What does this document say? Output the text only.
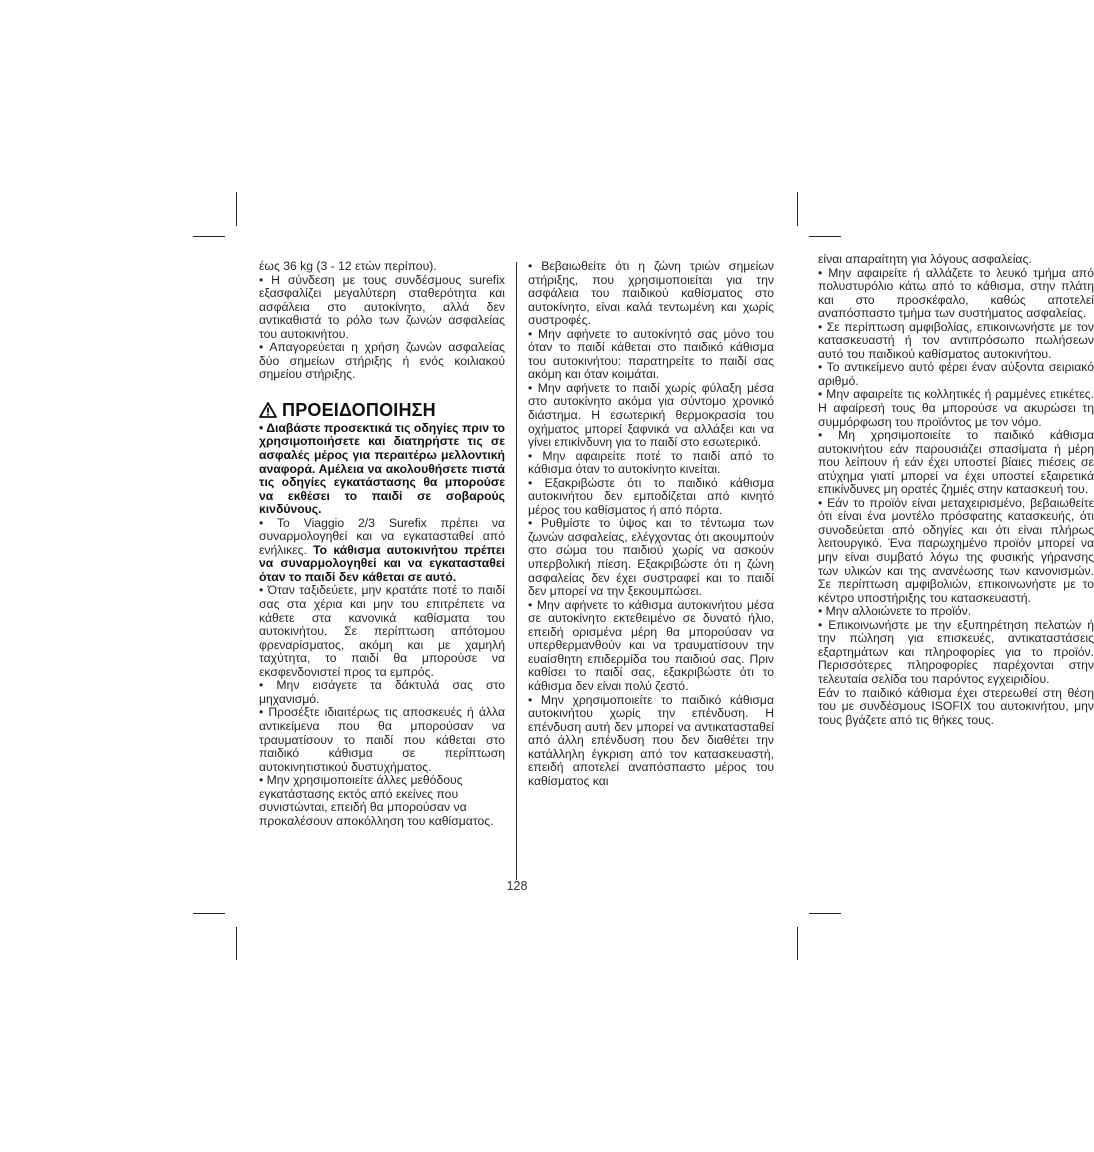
έως 36 kg (3 - 12 ετών περίπου).

• Η σύνδεση με τους συνδέσμους surefix εξασφαλίζει μεγαλύτερη σταθερότητα και ασφάλεια στο αυτοκίνητο, αλλά δεν αντικαθιστά το ρόλο των ζωνών ασφαλείας του αυτοκινήτου.

• Απαγορεύεται η χρήση ζωνών ασφαλείας δύο σημείων στήριξης ή ενός κοιλιακού σημείου στήριξης.

ΠΡΟΕΙΔΟΠΟΙΗΣΗ

• Διαβάστε προσεκτικά τις οδηγίες πριν το χρησιμοποιήσετε και διατηρήστε τις σε ασφαλές μέρος για περαιτέρω μελλοντική αναφορά. Αμέλεια να ακολουθήσετε πιστά τις οδηγίες εγκατάστασης θα μπορούσε να εκθέσει το παιδί σε σοβαρούς κινδύνους.

• Το Viaggio 2/3 Surefix πρέπει να συναρμολογηθεί και να εγκατασταθεί από ενήλικες. Το κάθισμα αυτοκινήτου πρέπει να συναρμολογηθεί και να εγκατασταθεί όταν το παιδί δεν κάθεται σε αυτό.

• Όταν ταξιδεύετε, μην κρατάτε ποτέ το παιδί σας στα χέρια και μην του επιτρέπετε να κάθετε στα κανονικά καθίσματα του αυτοκινήτου. Σε περίπτωση απότομου φρεναρίσματος, ακόμη και με χαμηλή ταχύτητα, το παιδί θα μπορούσε να εκσφενδονιστεί προς τα εμπρός.

• Μην εισάγετε τα δάκτυλά σας στο μηχανισμό.

• Προσέξτε ιδιαιτέρως τις αποσκευές ή άλλα αντικείμενα που θα μπορούσαν να τραυματίσουν το παιδί που κάθεται στο παιδικό κάθισμα σε περίπτωση αυτοκινητιστικού δυστυχήματος.

• Μην χρησιμοποιείτε άλλες μεθόδους εγκατάστασης εκτός από εκείνες που συνιστώνται, επειδή θα μπορούσαν να προκαλέσουν αποκόλληση του καθίσματος.

• Βεβαιωθείτε ότι η ζώνη τριών σημείων στήριξης, που χρησιμοποιείται για την ασφάλεια του παιδικού καθίσματος στο αυτοκίνητο, είναι καλά τεντωμένη και χωρίς συστροφές.

• Μην αφήνετε το αυτοκίνητό σας μόνο του όταν το παιδί κάθεται στο παιδικό κάθισμα του αυτοκινήτου: παρατηρείτε το παιδί σας ακόμη και όταν κοιμάται.

• Μην αφήνετε το παιδί χωρίς φύλαξη μέσα στο αυτοκίνητο ακόμα για σύντομο χρονικό διάστημα. Η εσωτερική θερμοκρασία του οχήματος μπορεί ξαφνικά να αλλάξει και να γίνει επικίνδυνη για το παιδί στο εσωτερικό.

• Μην αφαιρείτε ποτέ το παιδί από το κάθισμα όταν το αυτοκίνητο κινείται.

• Εξακριβώστε ότι το παιδικό κάθισμα αυτοκινήτου δεν εμποδίζεται από κινητό μέρος του καθίσματος ή από πόρτα.

• Ρυθμίστε το ύψος και το τέντωμα των ζωνών ασφαλείας, ελέγχοντας ότι ακουμπούν στο σώμα του παιδιού χωρίς να ασκούν υπερβολική πίεση. Εξακριβώστε ότι η ζώνη ασφαλείας δεν έχει συστραφεί και το παιδί δεν μπορεί να την ξεκουμπώσει.

• Μην αφήνετε το κάθισμα αυτοκινήτου μέσα σε αυτοκίνητο εκτεθειμένο σε δυνατό ήλιο, επειδή ορισμένα μέρη θα μπορούσαν να υπερθερμανθούν και να τραυματίσουν την ευαίσθητη επιδερμίδα του παιδιού σας. Πριν καθίσει το παιδί σας, εξακριβώστε ότι το κάθισμα δεν είναι πολύ ζεστό.

• Μην χρησιμοποιείτε το παιδικό κάθισμα αυτοκινήτου χωρίς την επένδυση. Η επένδυση αυτή δεν μπορεί να αντικατασταθεί από άλλη επένδυση που δεν διαθέτει την κατάλληλη έγκριση από τον κατασκευαστή, επειδή αποτελεί αναπόσπαστο μέρος του καθίσματος και

είναι απαραίτητη για λόγους ασφαλείας.

• Μην αφαιρείτε ή αλλάζετε το λευκό τμήμα από πολυστυρόλιο κάτω από το κάθισμα, στην πλάτη και στο προσκέφαλο, καθώς αποτελεί αναπόσπαστο τμήμα των συστήματος ασφαλείας.

• Σε περίπτωση αμφιβολίας, επικοινωνήστε με τον κατασκευαστή ή τον αντιπρόσωπο πωλήσεων αυτό του παιδικού καθίσματος αυτοκινήτου.

• Το αντικείμενο αυτό φέρει έναν αύξοντα σειριακό αριθμό.

• Μην αφαιρείτε τις κολλητικές ή ραμμένες ετικέτες. Η αφαίρεσή τους θα μπορούσε να ακυρώσει τη συμμόρφωση του προϊόντος με τον νόμο.

• Μη χρησιμοποιείτε το παιδικό κάθισμα αυτοκινήτου εάν παρουσιάζει σπασίματα ή μέρη που λείπουν ή εάν έχει υποστεί βίαιες πιέσεις σε ατύχημα γιατί μπορεί να έχει υποστεί εξαιρετικά επικίνδυνες μη ορατές ζημιές στην κατασκευή του.

• Εάν το προϊόν είναι μεταχειρισμένο, βεβαιωθείτε ότι είναι ένα μοντέλο πρόσφατης κατασκευής, ότι συνοδεύεται από οδηγίες και ότι είναι πλήρως λειτουργικό. Ένα παρωχημένο προϊόν μπορεί να μην είναι συμβατό λόγω της φυσικής γήρανσης των υλικών και της ανανέωσης των κανονισμών. Σε περίπτωση αμφιβολιών, επικοινωνήστε με το κέντρο υποστήριξης του κατασκευαστή.

• Μην αλλοιώνετε το προϊόν.

• Επικοινωνήστε με την εξυπηρέτηση πελατών ή την πώληση για επισκευές, αντικαταστάσεις εξαρτημάτων και πληροφορίες για το προϊόν. Περισσότερες πληροφορίες παρέχονται στην τελευταία σελίδα του παρόντος εγχειριδίου.

Εάν το παιδικό κάθισμα έχει στερεωθεί στη θέση του με συνδέσμους ISOFIX του αυτοκινήτου, μην τους βγάζετε από τις θήκες τους.

128
